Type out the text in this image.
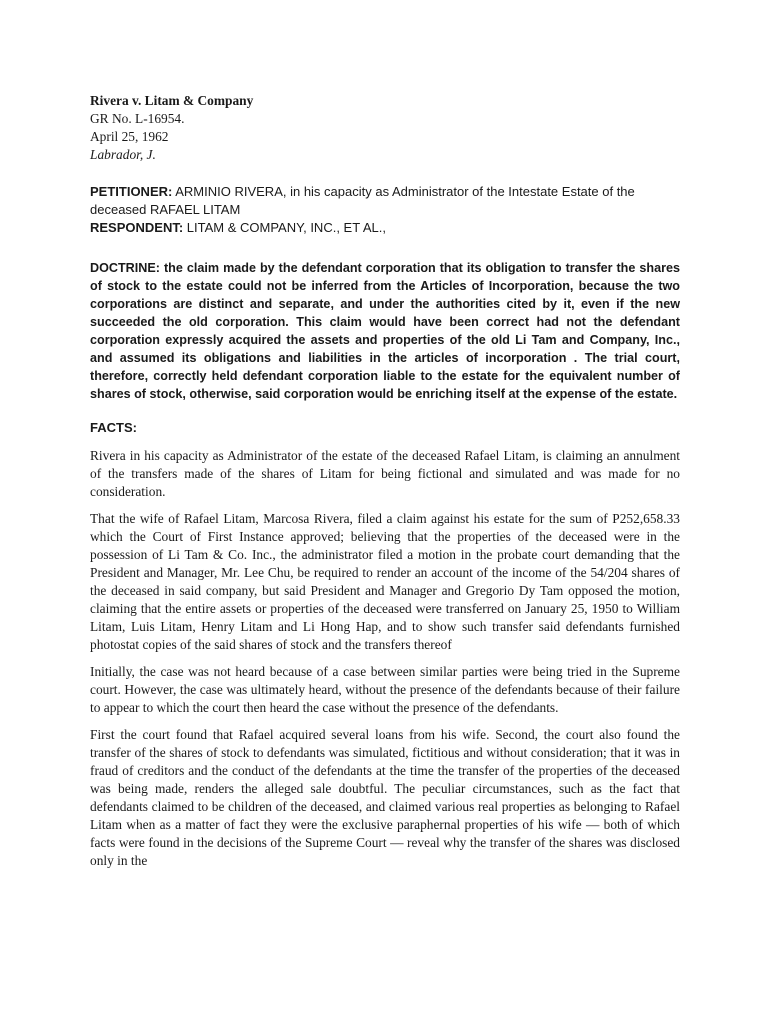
Rivera v. Litam & Company
GR No. L-16954.
April 25, 1962
Labrador, J.
PETITIONER: ARMINIO RIVERA, in his capacity as Administrator of the Intestate Estate of the deceased RAFAEL LITAM
RESPONDENT: LITAM & COMPANY, INC., ET AL.,

DOCTRINE: the claim made by the defendant corporation that its obligation to transfer the shares of stock to the estate could not be inferred from the Articles of Incorporation, because the two corporations are distinct and separate, and under the authorities cited by it, even if the new succeeded the old corporation. This claim would have been correct had not the defendant corporation expressly acquired the assets and properties of the old Li Tam and Company, Inc., and assumed its obligations and liabilities in the articles of incorporation . The trial court, therefore, correctly held defendant corporation liable to the estate for the equivalent number of shares of stock, otherwise, said corporation would be enriching itself at the expense of the estate.

FACTS:

Rivera in his capacity as Administrator of the estate of the deceased Rafael Litam, is claiming an annulment of the transfers made of the shares of Litam for being fictional and simulated and was made for no consideration.

That the wife of Rafael Litam, Marcosa Rivera, filed a claim against his estate for the sum of P252,658.33 which the Court of First Instance approved; believing that the properties of the deceased were in the possession of Li Tam & Co. Inc., the administrator filed a motion in the probate court demanding that the President and Manager, Mr. Lee Chu, be required to render an account of the income of the 54/204 shares of the deceased in said company, but said President and Manager and Gregorio Dy Tam opposed the motion, claiming that the entire assets or properties of the deceased were transferred on January 25, 1950 to William Litam, Luis Litam, Henry Litam and Li Hong Hap, and to show such transfer said defendants furnished photostat copies of the said shares of stock and the transfers thereof

Initially, the case was not heard because of a case between similar parties were being tried in the Supreme court. However, the case was ultimately heard, without the presence of the defendants because of their failure to appear to which the court then heard the case without the presence of the defendants.

First the court found that Rafael acquired several loans from his wife. Second, the court also found the transfer of the shares of stock to defendants was simulated, fictitious and without consideration; that it was in fraud of creditors and the conduct of the defendants at the time the transfer of the properties of the deceased was being made, renders the alleged sale doubtful. The peculiar circumstances, such as the fact that defendants claimed to be children of the deceased, and claimed various real properties as belonging to Rafael Litam when as a matter of fact they were the exclusive paraphernal properties of his wife — both of which facts were found in the decisions of the Supreme Court — reveal why the transfer of the shares was disclosed only in the
